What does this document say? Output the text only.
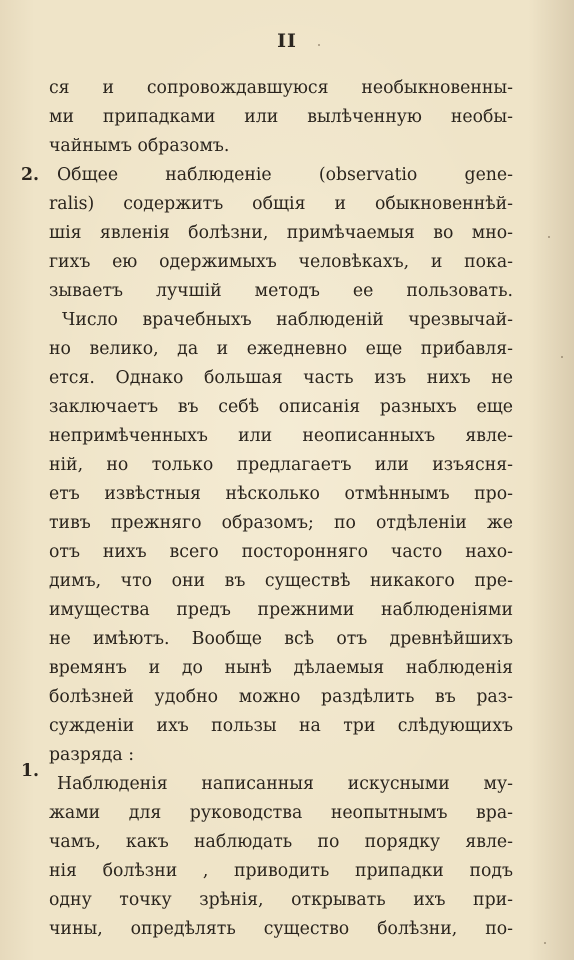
II
2.
1.
ся и сопровождавшуюся необыкновенны-
ми припадками или вылѣченную необы-
чайнымъ образомъ.
Общее наблюденіе (observatio gene-
ralis) содержитъ общія и обыкновеннѣй-
шія явленія болѣзни, примѣчаемыя во мно-
гихъ ею одержимыхъ человѣкахъ, и пока-
зываетъ лучшій методъ ее пользовать.
Число врачебныхъ наблюденій чрезвычай-
но велико, да и ежедневно еще прибавля-
ется. Однако большая часть изъ нихъ не
заключаетъ въ себѣ описанія разныхъ еще
непримѣченныхъ или неописанныхъ явле-
ній, но только предлагаетъ или изъясня-
етъ извѣстныя нѣсколько отмѣннымъ про-
тивъ прежняго образомъ; по отдѣленіи же
отъ нихъ всего посторонняго часто нахо-
димъ, что они въ существѣ никакого пре-
имущества предъ прежними наблюденіями
не имѣютъ. Вообще всѣ отъ древнѣйшихъ
времянъ и до нынѣ дѣлаемыя наблюденія
болѣзней удобно можно раздѣлить въ раз-
сужденіи ихъ пользы на три слѣдующихъ
разряда :
Наблюденія написанныя искусными му-
жами для руководства неопытнымъ вра-
чамъ, какъ наблюдать по порядку явле-
нія болѣзни , приводить припадки подъ
одну точку зрѣнія, открывать ихъ при-
чины, опредѣлять существо болѣзни, по-
